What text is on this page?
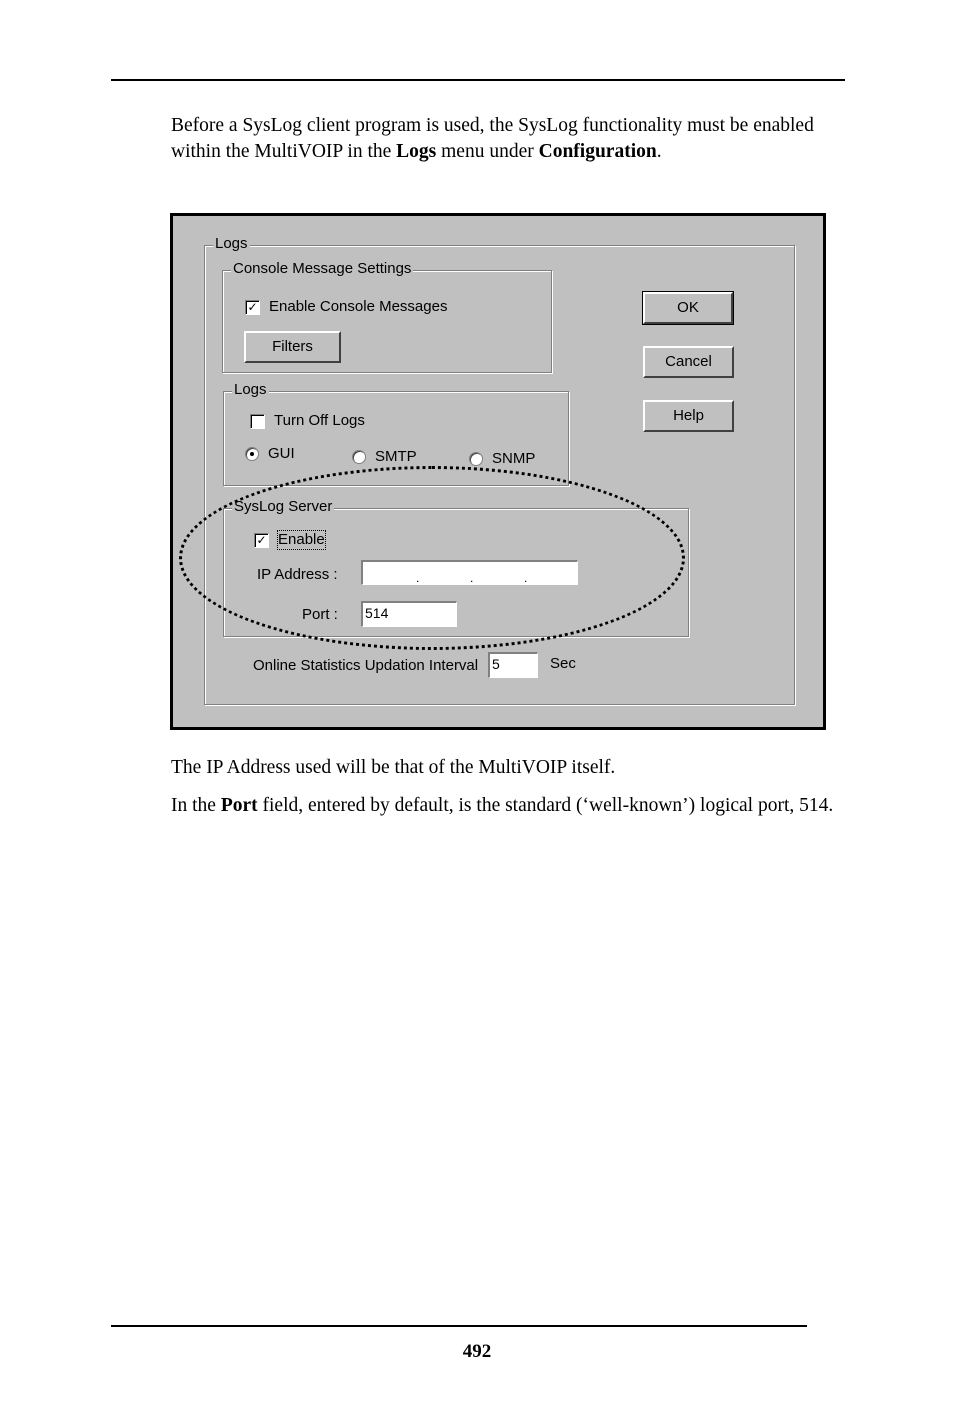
Before a SysLog client program is used, the SysLog functionality must be enabled within the MultiVOIP in the Logs menu under Configuration.

Logs
Console Message Settings
✓ Enable Console Messages
Filters
Logs
Turn Off Logs
GUI	SMTP	SNMP
SysLog Server
✓ Enable
IP Address :	.	.	.
Port : 514
Online Statistics Updation Interval 5	Sec
OK
Cancel
Help

The IP Address used will be that of the MultiVOIP itself.

In the Port field, entered by default, is the standard (‘well-known’) logical port, 514.

492
